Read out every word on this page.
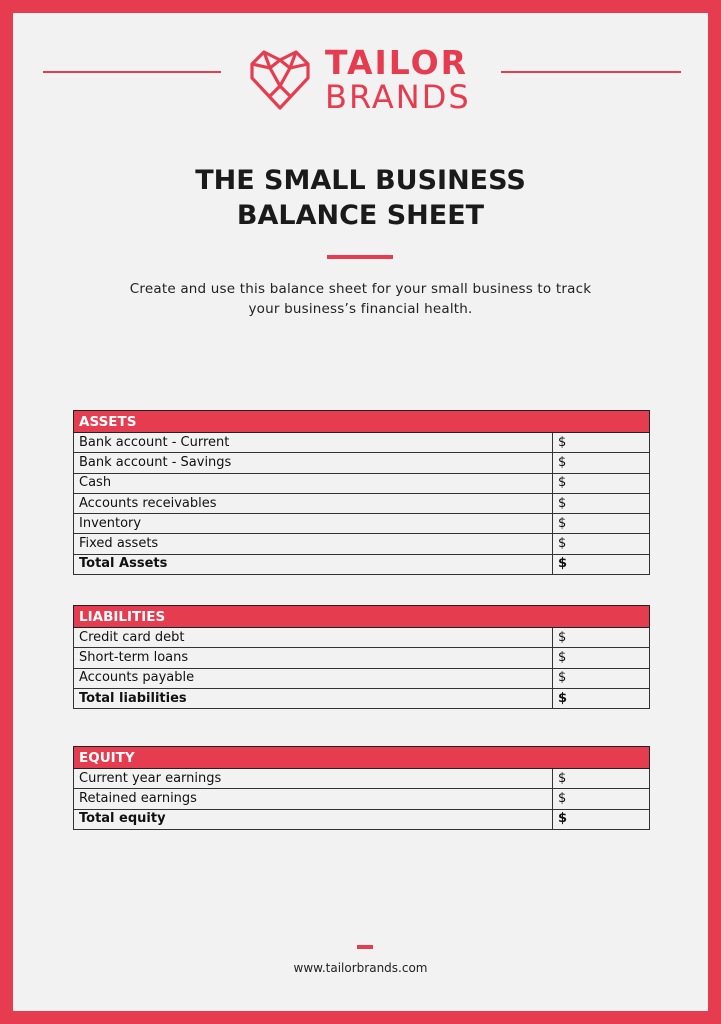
TAILOR
BRANDS
THE SMALL BUSINESS
BALANCE SHEET
Create and use this balance sheet for your small business to track
your business’s financial health.
ASSETS	
Bank account - Current	$
Bank account - Savings	$
Cash	$
Accounts receivables	$
Inventory	$
Fixed assets	$
Total Assets	$
LIABILITIES	
Credit card debt	$
Short-term loans	$
Accounts payable	$
Total liabilities	$
EQUITY	
Current year earnings	$
Retained earnings	$
Total equity	$
www.tailorbrands.com
